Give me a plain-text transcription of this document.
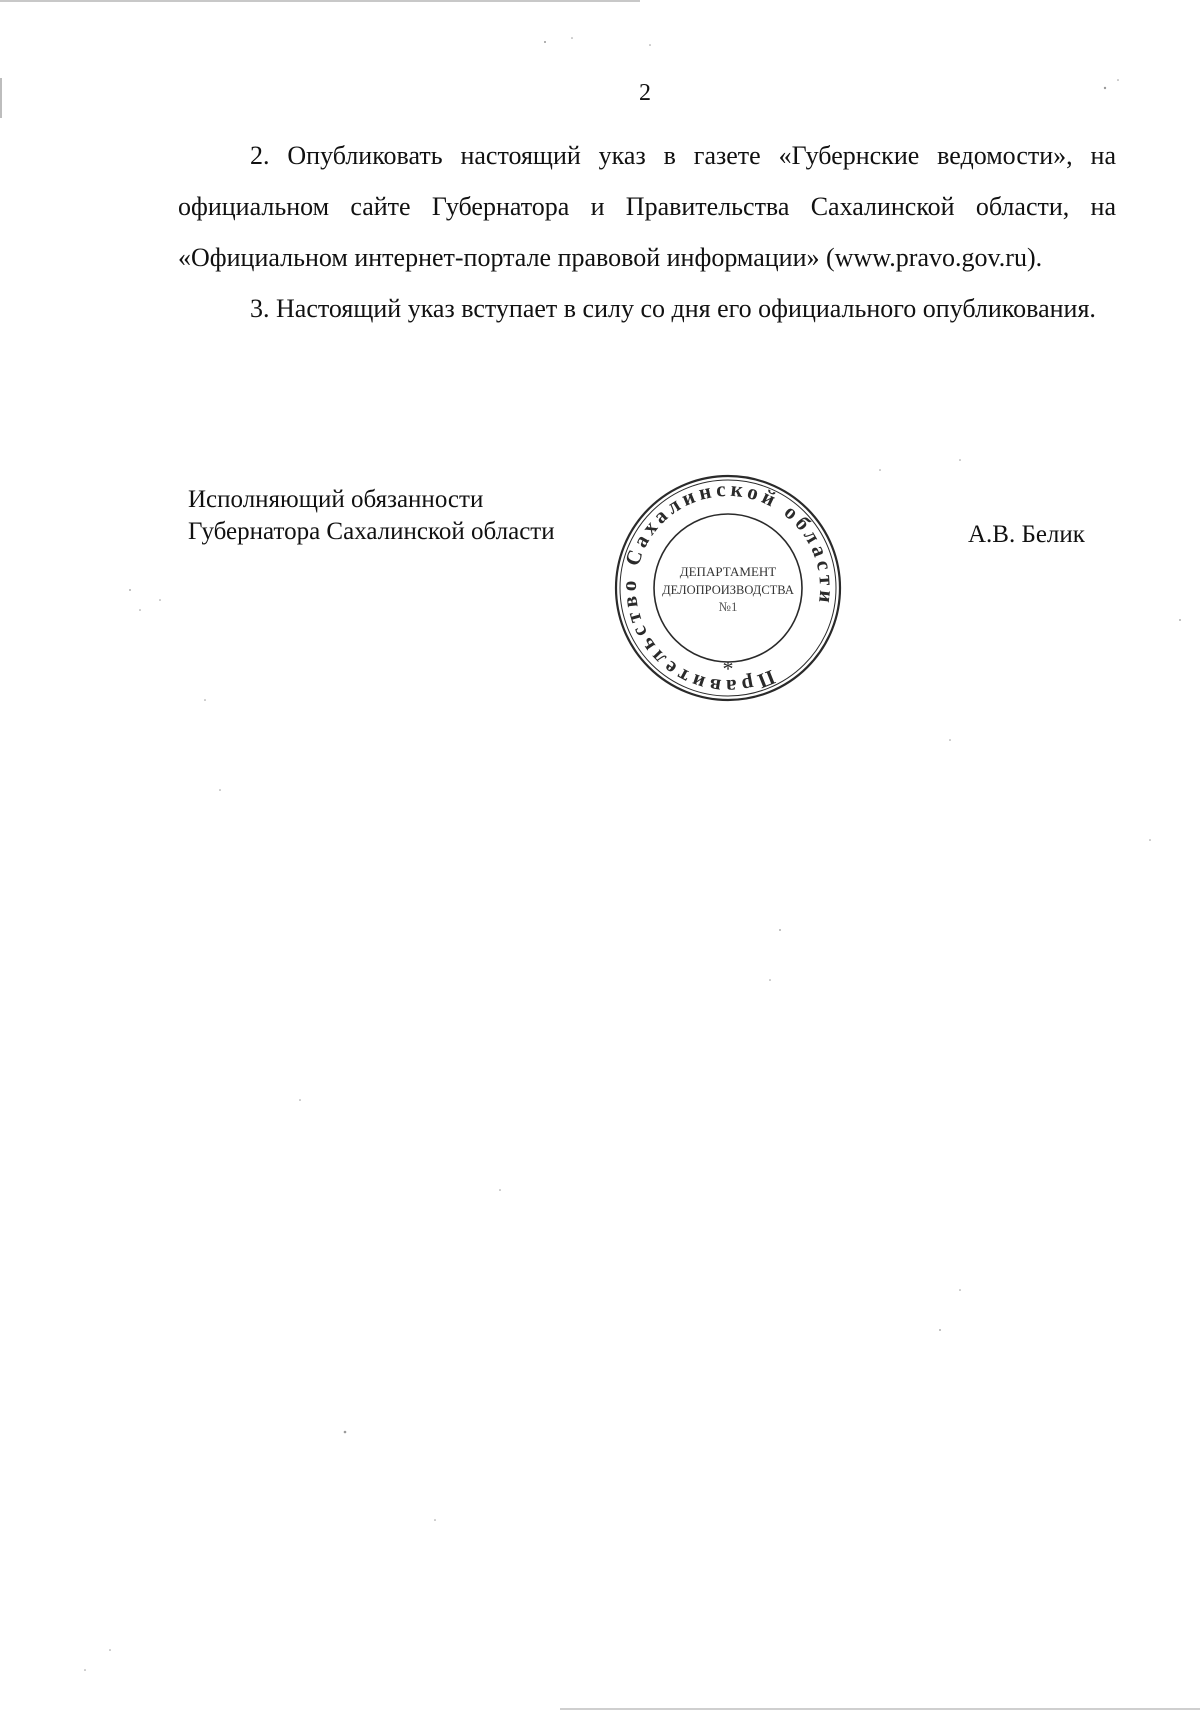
2

2. Опубликовать настоящий указ в газете «Губернские ведомости», на официальном сайте Губернатора и Правительства Сахалинской области, на «Официальном интернет-портале правовой информации» (www.pravo.gov.ru).

3. Настоящий указ вступает в силу со дня его официального опубликования.

Исполняющий обязанности
Губернатора Сахалинской области	А.В. Белик
Правительство Сахалинской области
*
ДЕПАРТАМЕНТ
ДЕЛОПРОИЗВОДСТВА
№1
